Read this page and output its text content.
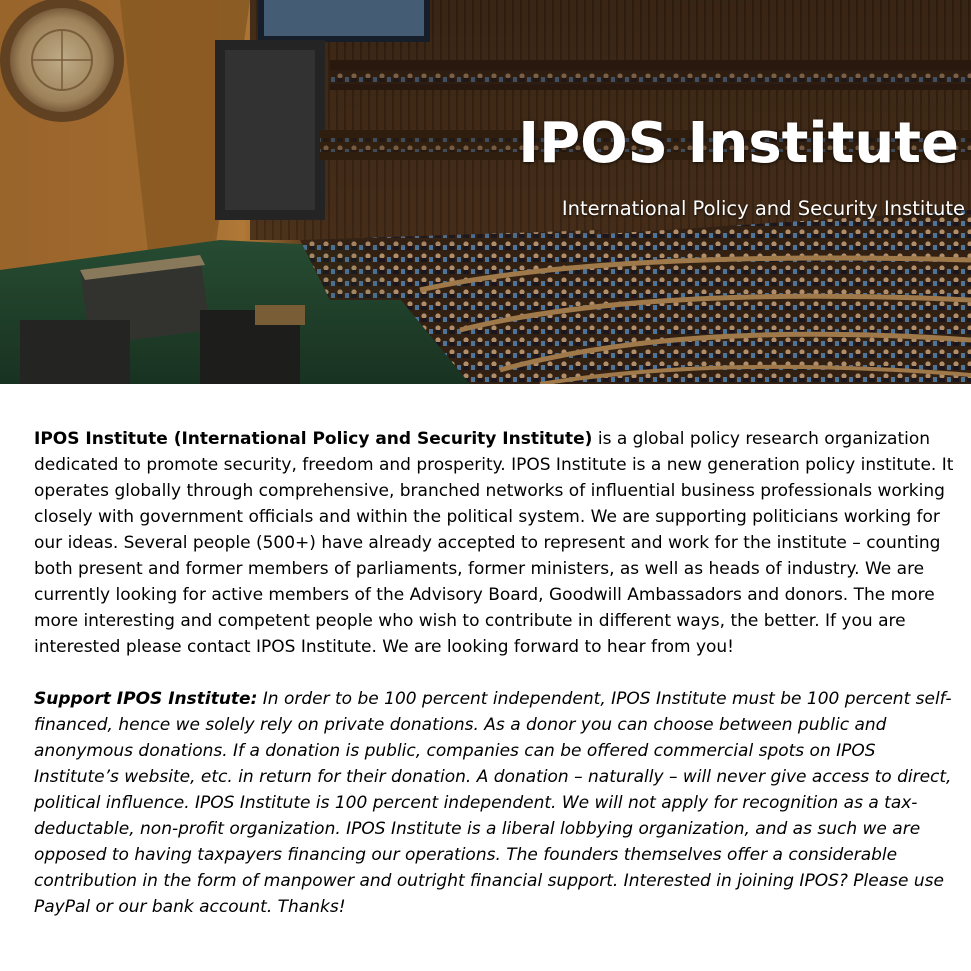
IPOS Institute
International Policy and Security Institute

IPOS Institute (International Policy and Security Institute) is a global policy research organization dedicated to promote security, freedom and prosperity. IPOS Institute is a new generation policy institute. It operates globally through comprehensive, branched networks of influential business professionals working closely with government officials and within the political system. We are supporting politicians working for our ideas. Several people (500+) have already accepted to represent and work for the institute – counting both present and former members of parliaments, former ministers, as well as heads of industry. We are currently looking for active members of the Advisory Board, Goodwill Ambassadors and donors. The more more interesting and competent people who wish to contribute in different ways, the better. If you are interested please contact IPOS Institute. We are looking forward to hear from you!

Support IPOS Institute: In order to be 100 percent independent, IPOS Institute must be 100 percent self-financed, hence we solely rely on private donations. As a donor you can choose between public and anonymous donations. If a donation is public, companies can be offered commercial spots on IPOS Institute’s website, etc. in return for their donation. A donation – naturally – will never give access to direct, political influence. IPOS Institute is 100 percent independent. We will not apply for recognition as a tax-deductable, non-profit organization. IPOS Institute is a liberal lobbying organization, and as such we are opposed to having taxpayers financing our operations. The founders themselves offer a considerable contribution in the form of manpower and outright financial support. Interested in joining IPOS? Please use PayPal or our bank account. Thanks!
